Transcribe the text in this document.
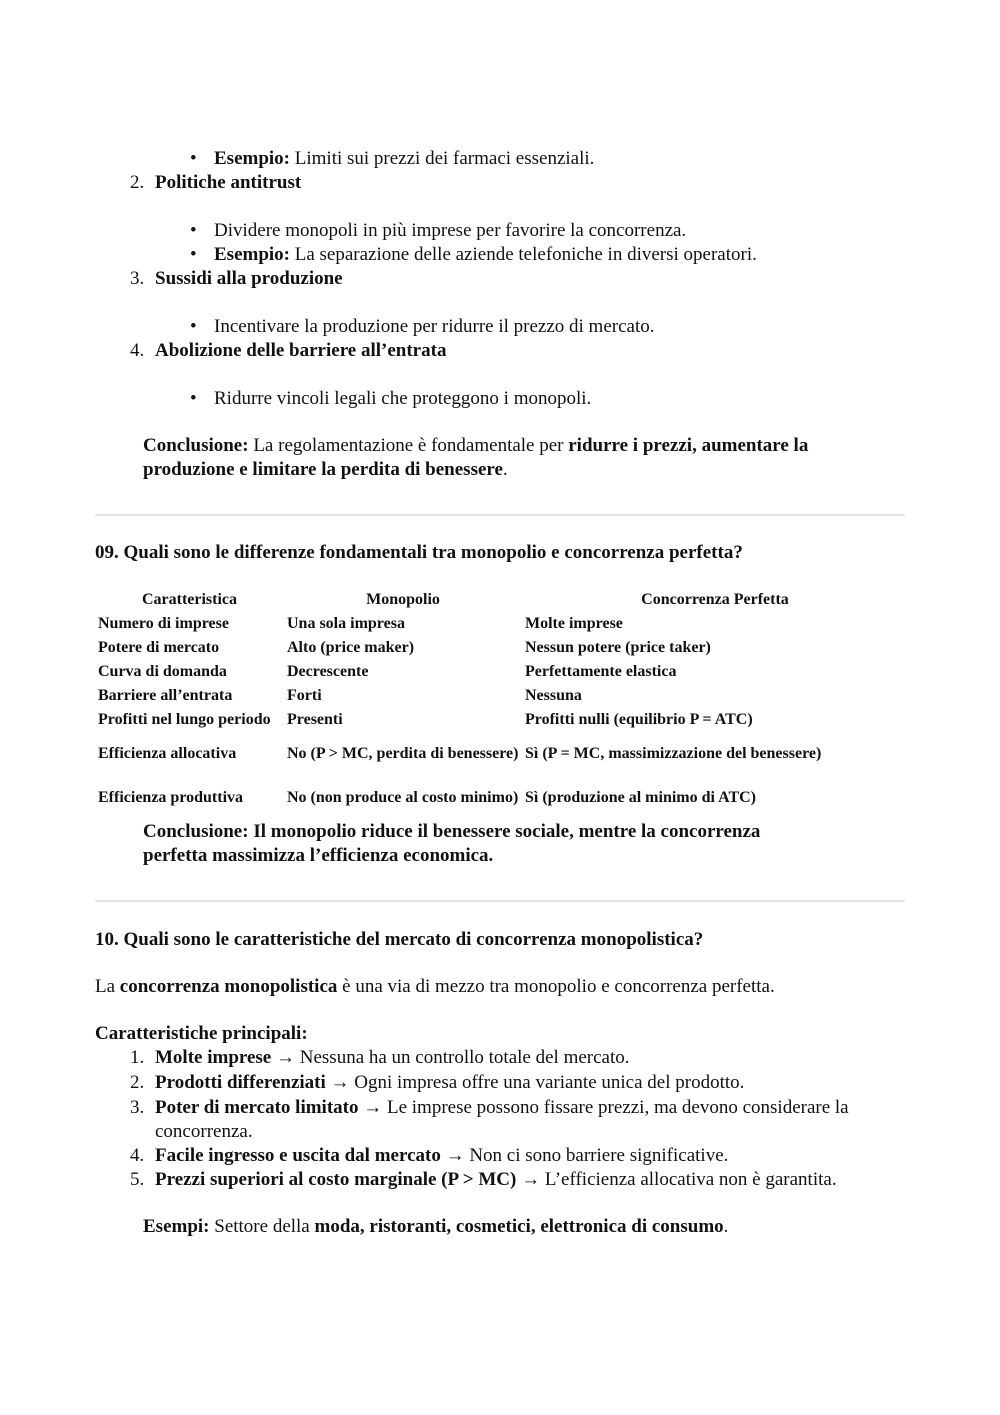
• Esempio: Limiti sui prezzi dei farmaci essenziali.
2. Politiche antitrust
• Dividere monopoli in più imprese per favorire la concorrenza.
• Esempio: La separazione delle aziende telefoniche in diversi operatori.
3. Sussidi alla produzione
• Incentivare la produzione per ridurre il prezzo di mercato.
4. Abolizione delle barriere all’entrata
• Ridurre vincoli legali che proteggono i monopoli.
Conclusione: La regolamentazione è fondamentale per ridurre i prezzi, aumentare la
produzione e limitare la perdita di benessere.
09. Quali sono le differenze fondamentali tra monopolio e concorrenza perfetta?
Caratteristica	Monopolio	Concorrenza Perfetta
Numero di imprese	Una sola impresa	Molte imprese
Potere di mercato	Alto (price maker)	Nessun potere (price taker)
Curva di domanda	Decrescente	Perfettamente elastica
Barriere all’entrata	Forti	Nessuna
Profitti nel lungo periodo	Presenti	Profitti nulli (equilibrio P = ATC)
Efficienza allocativa	No (P > MC, perdita di benessere)	Sì (P = MC, massimizzazione del benessere)
Efficienza produttiva	No (non produce al costo minimo)	Sì (produzione al minimo di ATC)
Conclusione: Il monopolio riduce il benessere sociale, mentre la concorrenza
perfetta massimizza l’efficienza economica.
10. Quali sono le caratteristiche del mercato di concorrenza monopolistica?
La concorrenza monopolistica è una via di mezzo tra monopolio e concorrenza perfetta.
Caratteristiche principali:
1. Molte imprese → Nessuna ha un controllo totale del mercato.
2. Prodotti differenziati → Ogni impresa offre una variante unica del prodotto.
3. Poter di mercato limitato → Le imprese possono fissare prezzi, ma devono considerare la
concorrenza.
4. Facile ingresso e uscita dal mercato → Non ci sono barriere significative.
5. Prezzi superiori al costo marginale (P > MC) → L’efficienza allocativa non è garantita.
Esempi: Settore della moda, ristoranti, cosmetici, elettronica di consumo.
